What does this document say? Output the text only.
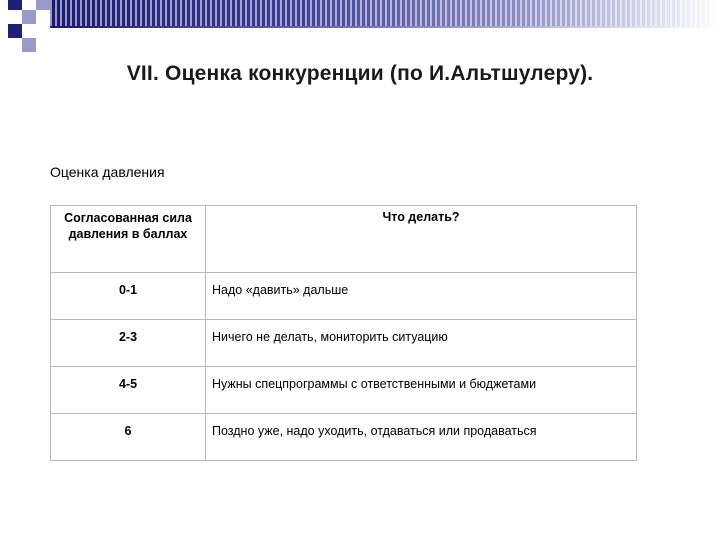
VII. Оценка конкуренции (по И.Альтшулеру).
Оценка давления
Согласованная сила давления в баллах	Что делать?
0-1	Надо «давить» дальше
2-3	Ничего не делать, мониторить ситуацию
4-5	Нужны спецпрограммы с ответственными и бюджетами
6	Поздно уже, надо уходить, отдаваться или продаваться
